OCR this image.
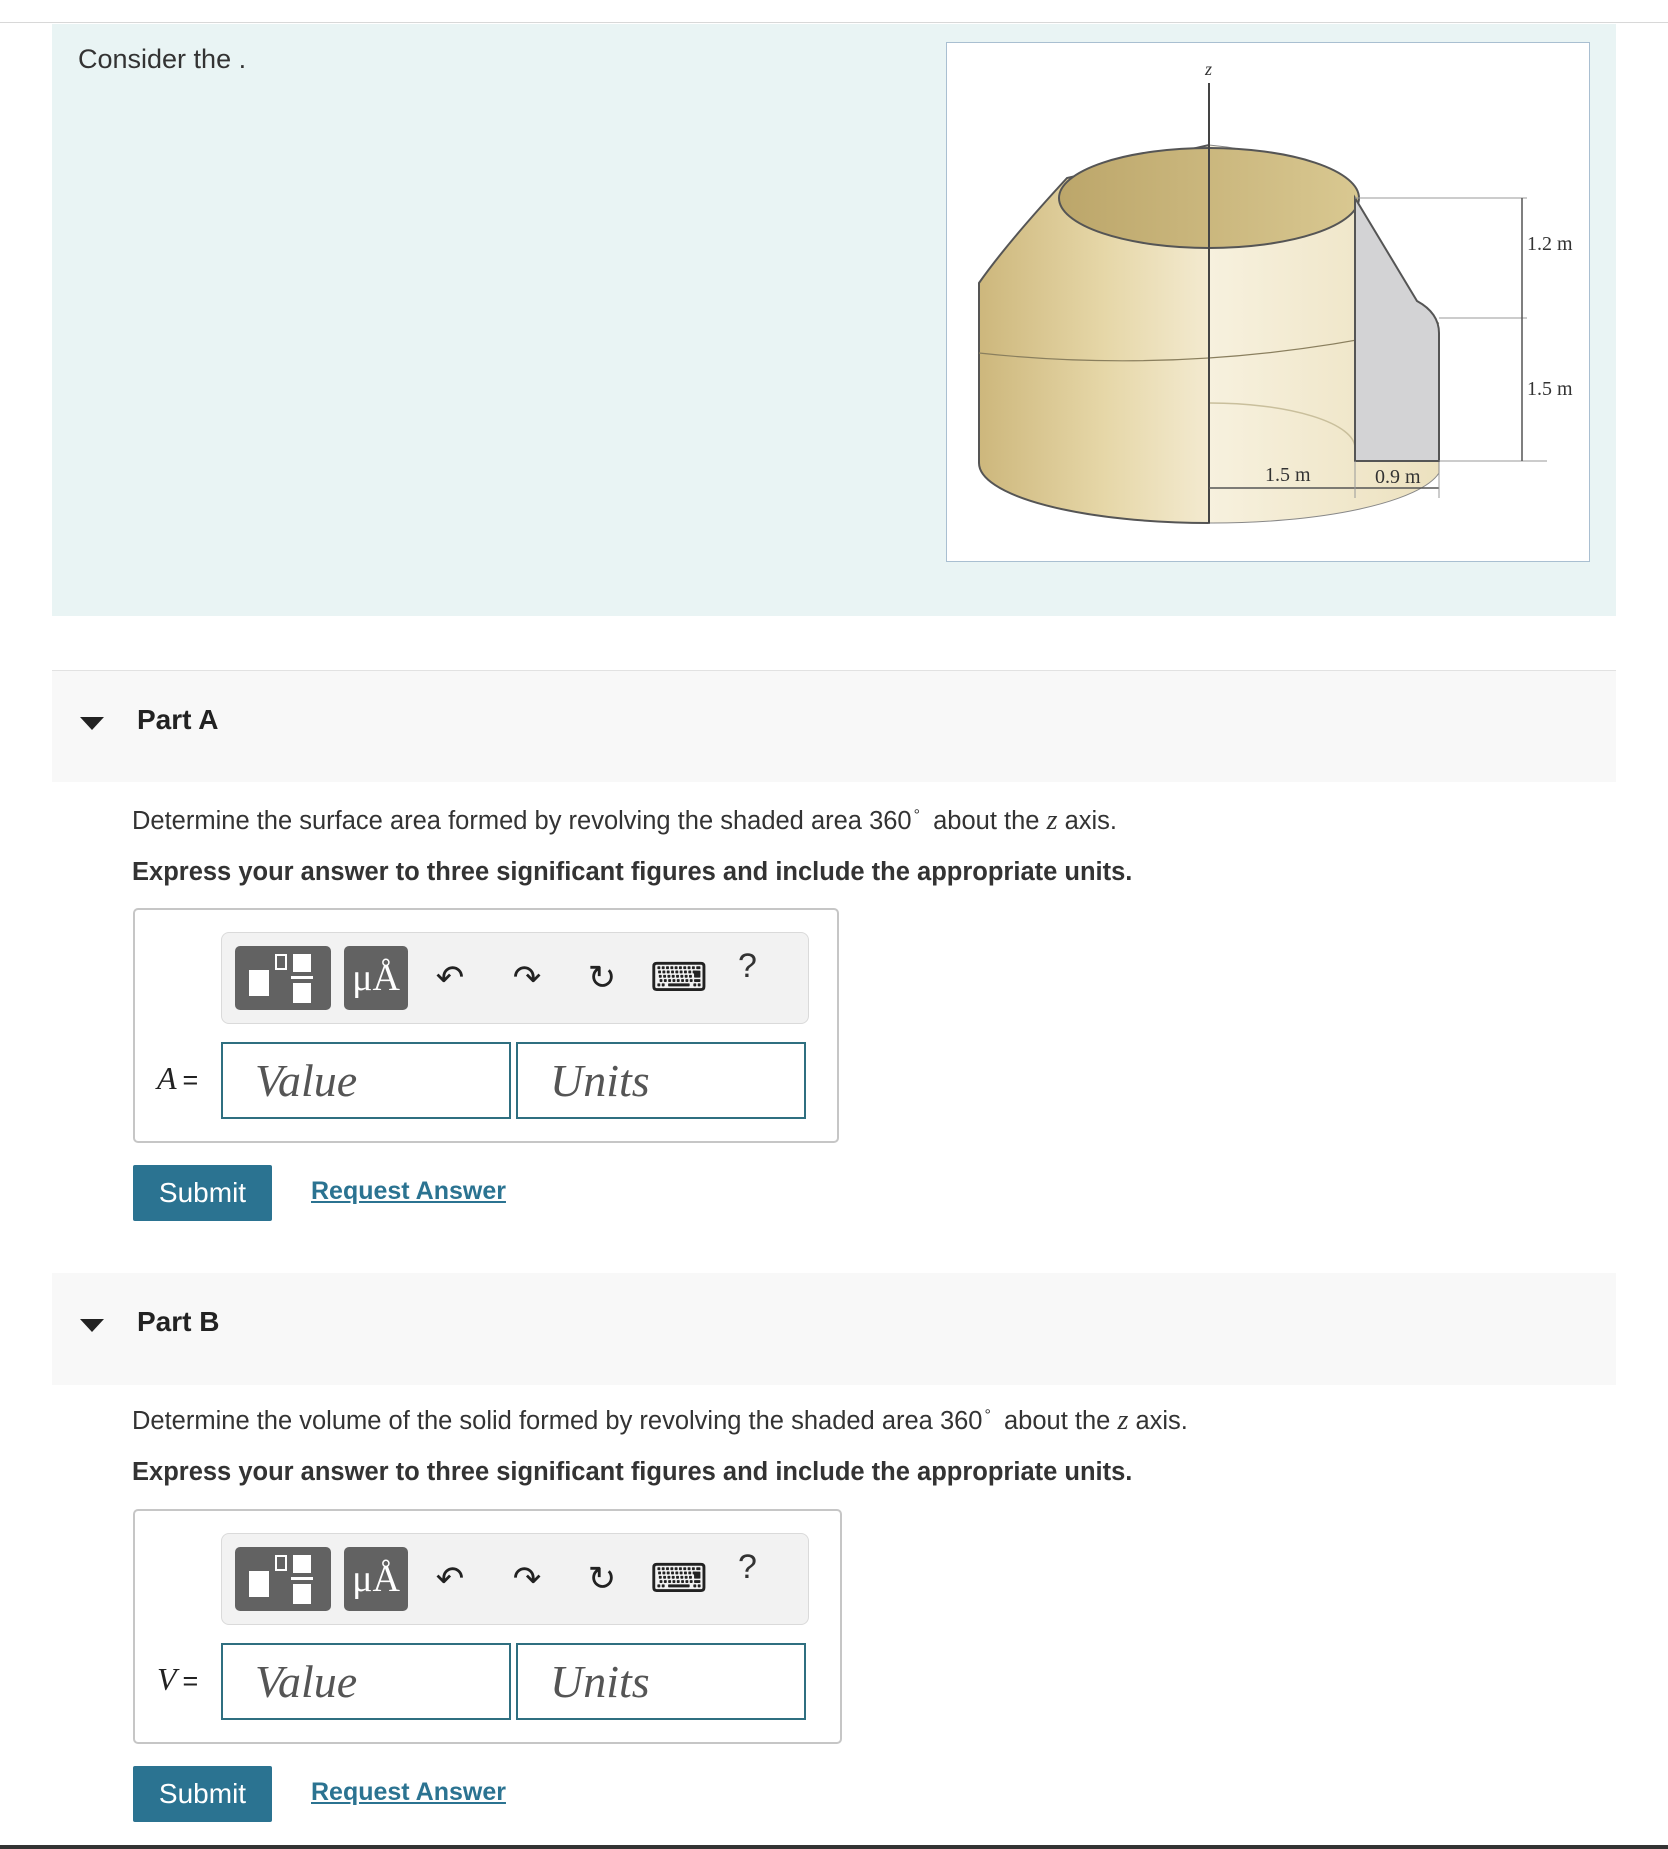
Consider the .	z
1.2 m
1.5 m
1.5 m	0.9 m
Part A
Determine the surface area formed by revolving the shaded area 360 ° about the z axis.
Express your answer to three significant figures and include the appropriate units.
μÅ ↶ ↷ ↻ ⌨ ?
A =
Value
Units
Submit	Request Answer
Part B
Determine the volume of the solid formed by revolving the shaded area 360 ° about the z axis.
Express your answer to three significant figures and include the appropriate units.
μÅ ↶ ↷ ↻ ⌨ ?
V =
Value
Units
Submit	Request Answer
